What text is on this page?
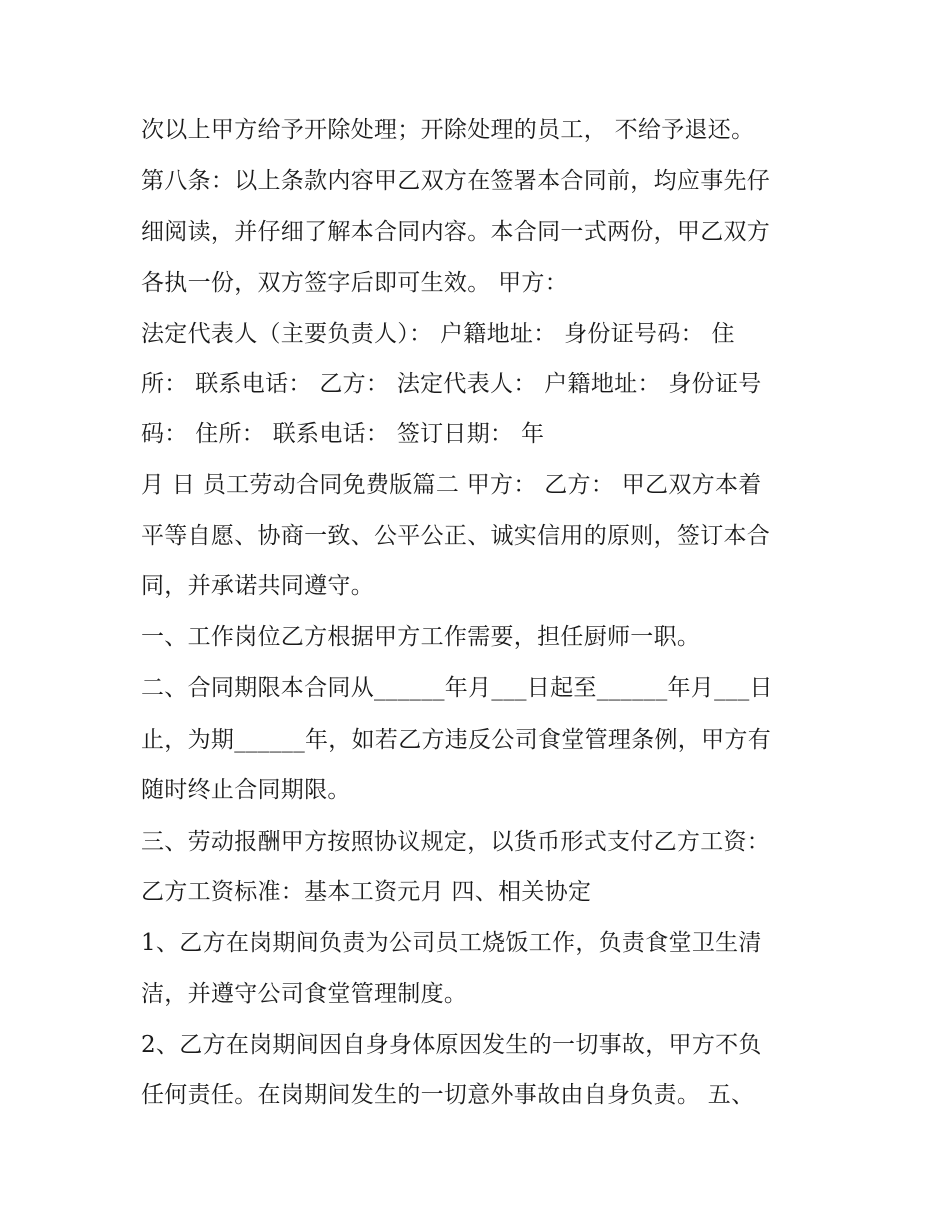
次以上甲方给予开除处理；开除处理的员工， 不给予退还。
第八条：以上条款内容甲乙双方在签署本合同前，均应事先仔
细阅读，并仔细了解本合同内容。本合同一式两份，甲乙双方
各执一份，双方签字后即可生效。 甲方：
法定代表人（主要负责人）： 户籍地址： 身份证号码： 住
所： 联系电话： 乙方： 法定代表人： 户籍地址： 身份证号
码： 住所： 联系电话： 签订日期： 年
月 日 员工劳动合同免费版篇二 甲方： 乙方： 甲乙双方本着
平等自愿、协商一致、公平公正、诚实信用的原则，签订本合
同，并承诺共同遵守。
一、工作岗位乙方根据甲方工作需要，担任厨师一职。
二、合同期限本合同从______年月___日起至______年月___日
止，为期______年，如若乙方违反公司食堂管理条例，甲方有
随时终止合同期限。
三、劳动报酬甲方按照协议规定，以货币形式支付乙方工资：
乙方工资标准：基本工资元月 四、相关协定
1、乙方在岗期间负责为公司员工烧饭工作，负责食堂卫生清
洁，并遵守公司食堂管理制度。
2、乙方在岗期间因自身身体原因发生的一切事故，甲方不负
任何责任。在岗期间发生的一切意外事故由自身负责。 五、
